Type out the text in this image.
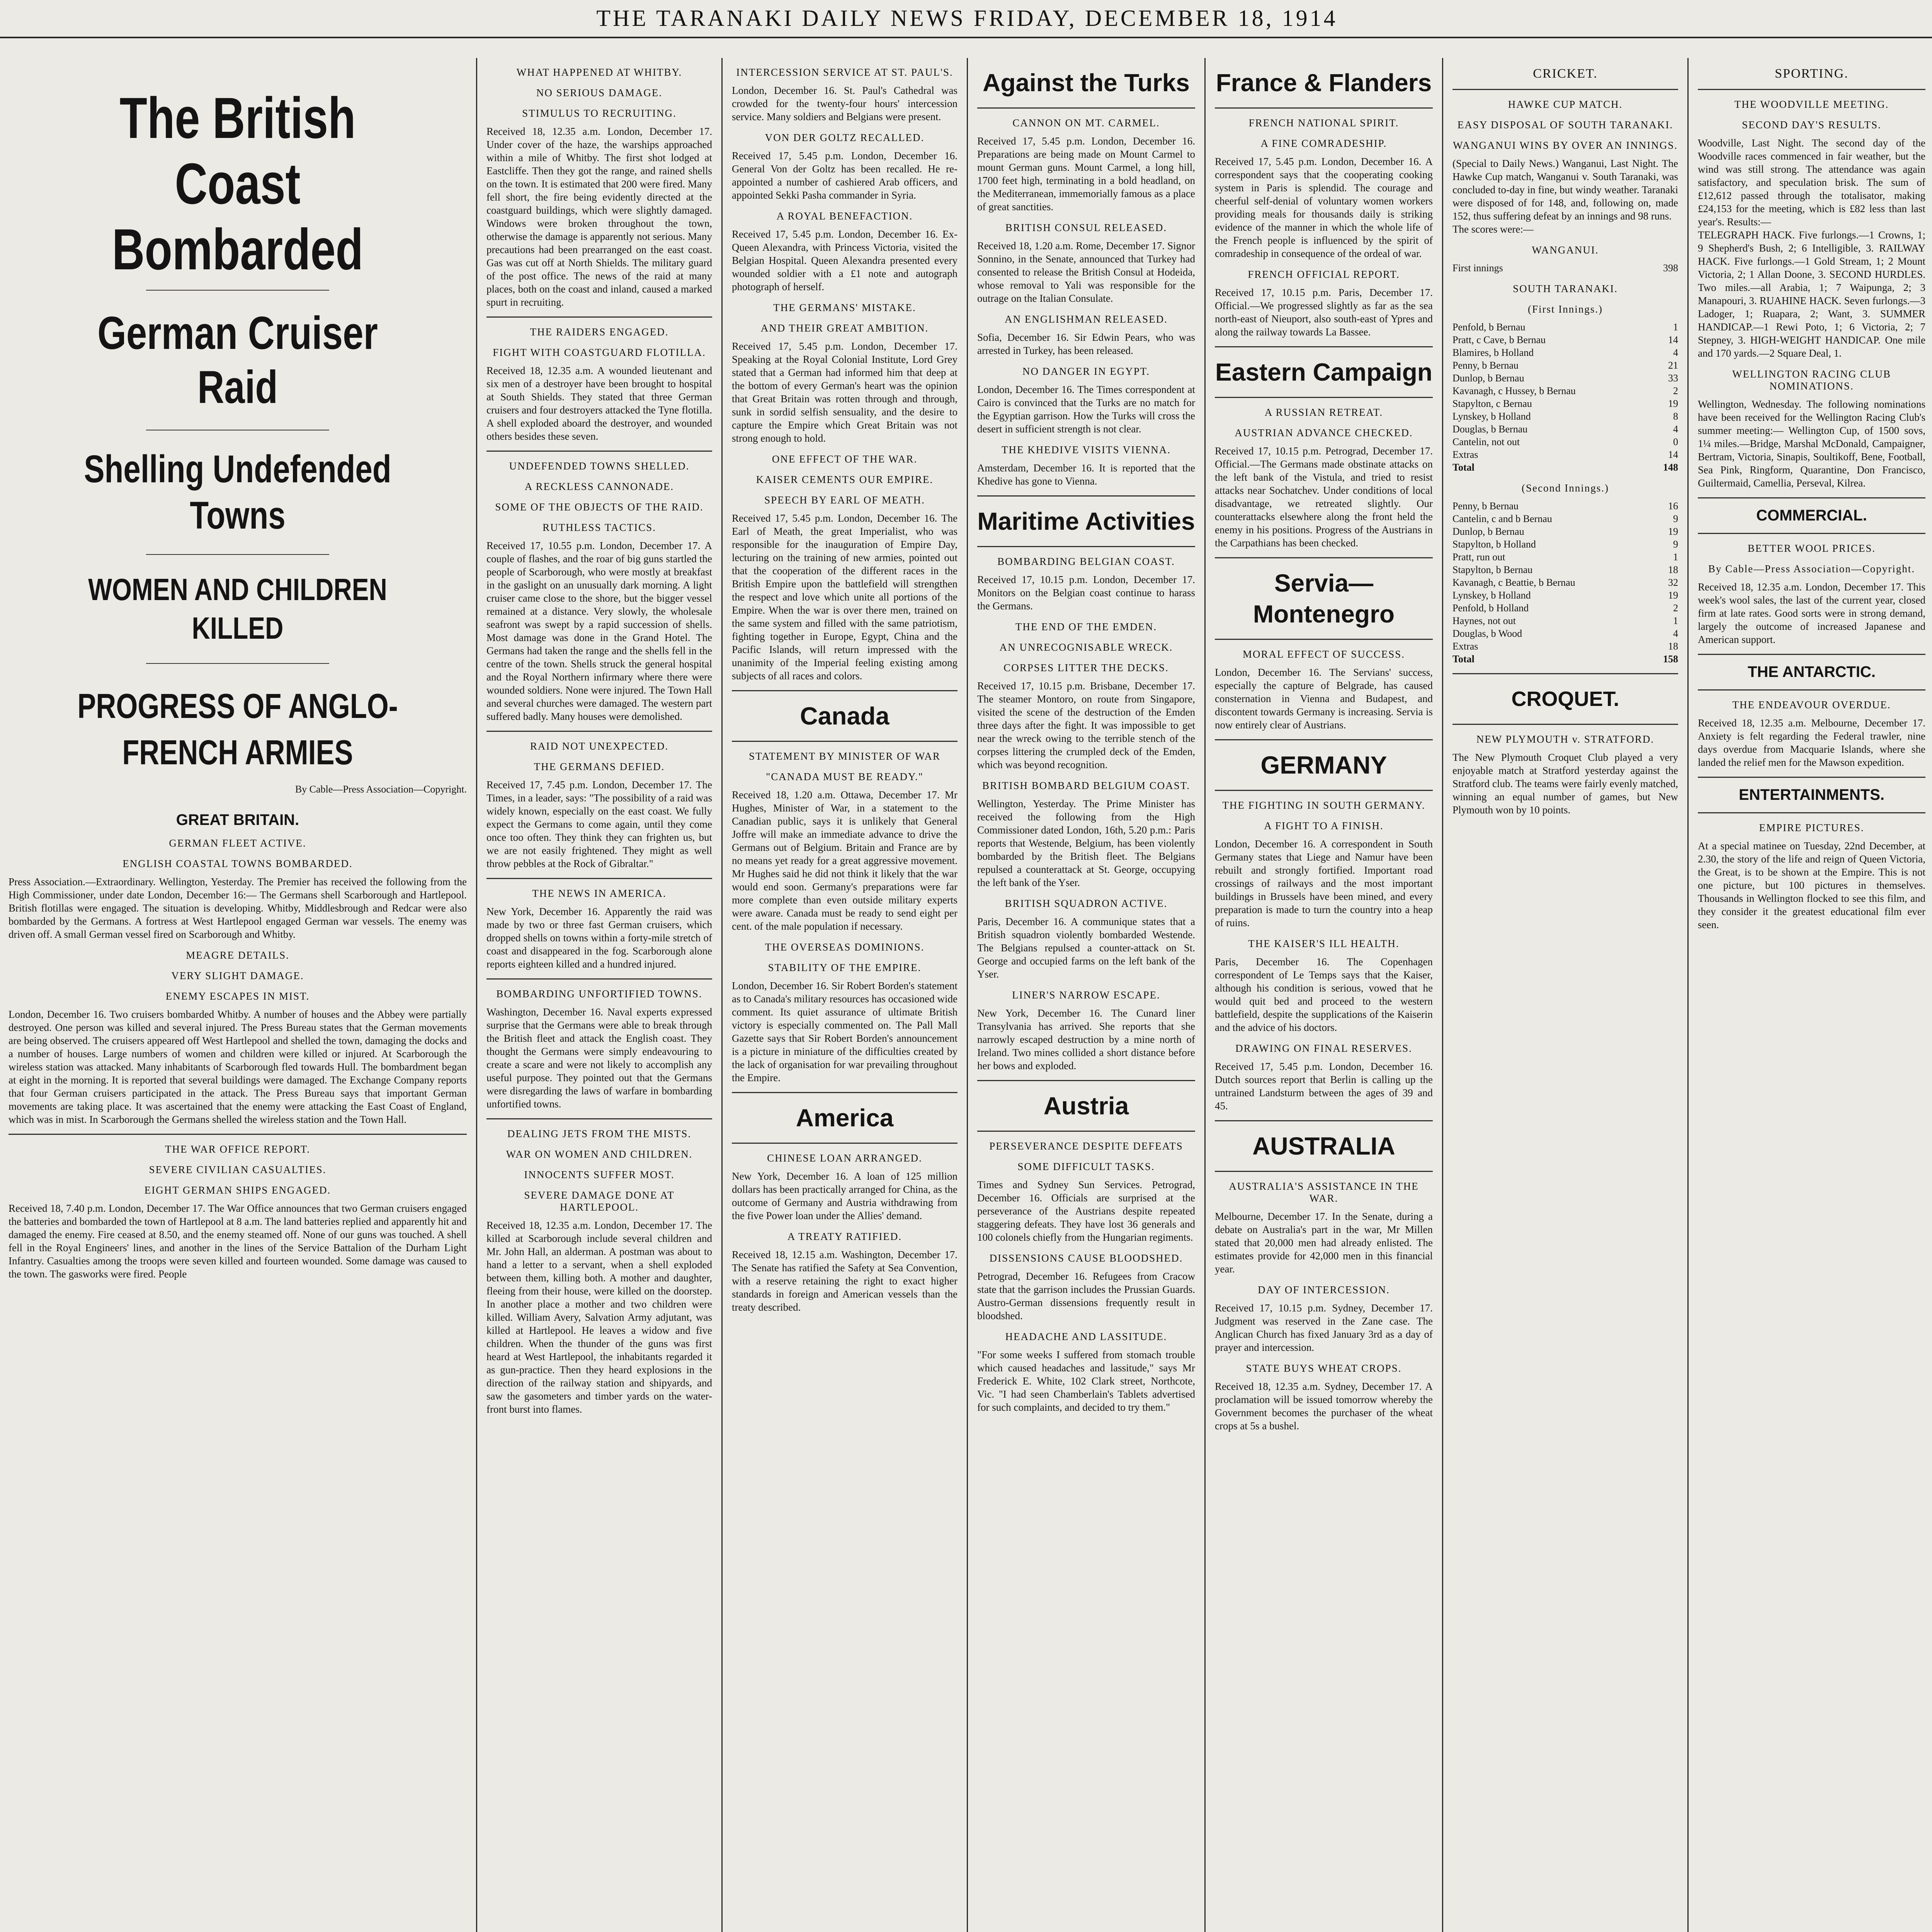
THE TARANAKI DAILY NEWS FRIDAY, DECEMBER 18, 1914
The British Coast Bombarded
German Cruiser Raid
Shelling Undefended Towns
WOMEN AND CHILDREN KILLED
PROGRESS OF ANGLO-FRENCH ARMIES
By Cable—Press Association—Copyright.
GREAT BRITAIN.
GERMAN FLEET ACTIVE.
ENGLISH COASTAL TOWNS BOMBARDED.

Press Association.—Extraordinary. Wellington, Yesterday. The Premier has received the following from the High Commissioner, under date London, December 16:— The Germans shell Scarborough and Hartlepool. British flotillas were engaged. The situation is developing. Whitby, Middlesbrough and Redcar were also bombarded by the Germans. A fortress at West Hartlepool engaged German war vessels. The enemy was driven off. A small German vessel fired on Scarborough and Whitby.

MEAGRE DETAILS.
VERY SLIGHT DAMAGE.
ENEMY ESCAPES IN MIST.

London, December 16. Two cruisers bombarded Whitby. A number of houses and the Abbey were partially destroyed. One person was killed and several injured. The Press Bureau states that the German movements are being observed. The cruisers appeared off West Hartlepool and shelled the town, damaging the docks and a number of houses. Large numbers of women and children were killed or injured. At Scarborough the wireless station was attacked. Many inhabitants of Scarborough fled towards Hull. The bombardment began at eight in the morning. It is reported that several buildings were damaged. The Exchange Company reports that four German cruisers participated in the attack. The Press Bureau says that important German movements are taking place. It was ascertained that the enemy were attacking the East Coast of England, which was in mist. In Scarborough the Germans shelled the wireless station and the Town Hall.

THE WAR OFFICE REPORT.
SEVERE CIVILIAN CASUALTIES.
EIGHT GERMAN SHIPS ENGAGED.

Received 18, 7.40 p.m. London, December 17. The War Office announces that two German cruisers engaged the batteries and bombarded the town of Hartlepool at 8 a.m. The land batteries replied and apparently hit and damaged the enemy. Fire ceased at 8.50, and the enemy steamed off. None of our guns was touched. A shell fell in the Royal Engineers' lines, and another in the lines of the Service Battalion of the Durham Light Infantry. Casualties among the troops were seven killed and fourteen wounded. Some damage was caused to the town. The gasworks were fired. People

WHAT HAPPENED AT WHITBY.
NO SERIOUS DAMAGE.
STIMULUS TO RECRUITING.

Received 18, 12.35 a.m. London, December 17. Under cover of the haze, the warships approached within a mile of Whitby. The first shot lodged at Eastcliffe. Then they got the range, and rained shells on the town. It is estimated that 200 were fired. Many fell short, the fire being evidently directed at the coastguard buildings, which were slightly damaged. Windows were broken throughout the town, otherwise the damage is apparently not serious. Many precautions had been prearranged on the east coast. Gas was cut off at North Shields. The military guard of the post office. The news of the raid at many places, both on the coast and inland, caused a marked spurt in recruiting.

THE RAIDERS ENGAGED.
FIGHT WITH COASTGUARD FLOTILLA.

Received 18, 12.35 a.m. A wounded lieutenant and six men of a destroyer have been brought to hospital at South Shields. They stated that three German cruisers and four destroyers attacked the Tyne flotilla. A shell exploded aboard the destroyer, and wounded others besides these seven.

UNDEFENDED TOWNS SHELLED.
A RECKLESS CANNONADE.
SOME OF THE OBJECTS OF THE RAID.
RUTHLESS TACTICS.

Received 17, 10.55 p.m. London, December 17. A couple of flashes, and the roar of big guns startled the people of Scarborough, who were mostly at breakfast in the gaslight on an unusually dark morning. A light cruiser came close to the shore, but the bigger vessel remained at a distance. Very slowly, the wholesale seafront was swept by a rapid succession of shells. Most damage was done in the Grand Hotel. The Germans had taken the range and the shells fell in the centre of the town. Shells struck the general hospital and the Royal Northern infirmary where there were wounded soldiers. None were injured. The Town Hall and several churches were damaged. The western part suffered badly. Many houses were demolished.

RAID NOT UNEXPECTED.
THE GERMANS DEFIED.

Received 17, 7.45 p.m. London, December 17. The Times, in a leader, says: "The possibility of a raid was widely known, especially on the east coast. We fully expect the Germans to come again, until they come once too often. They think they can frighten us, but we are not easily frightened. They might as well throw pebbles at the Rock of Gibraltar."

THE NEWS IN AMERICA.

New York, December 16. Apparently the raid was made by two or three fast German cruisers, which dropped shells on towns within a forty-mile stretch of coast and disappeared in the fog. Scarborough alone reports eighteen killed and a hundred injured.

BOMBARDING UNFORTIFIED TOWNS.

Washington, December 16. Naval experts expressed surprise that the Germans were able to break through the British fleet and attack the English coast. They thought the Germans were simply endeavouring to create a scare and were not likely to accomplish any useful purpose. They pointed out that the Germans were disregarding the laws of warfare in bombarding unfortified towns.

DEALING JETS FROM THE MISTS.
WAR ON WOMEN AND CHILDREN.
INNOCENTS SUFFER MOST.
SEVERE DAMAGE DONE AT HARTLEPOOL.

Received 18, 12.35 a.m. London, December 17. The killed at Scarborough include several children and Mr. John Hall, an alderman. A postman was about to hand a letter to a servant, when a shell exploded between them, killing both. A mother and daughter, fleeing from their house, were killed on the doorstep. In another place a mother and two children were killed. William Avery, Salvation Army adjutant, was killed at Hartlepool. He leaves a widow and five children. When the thunder of the guns was first heard at West Hartlepool, the inhabitants regarded it as gun-practice. Then they heard explosions in the direction of the railway station and shipyards, and saw the gasometers and timber yards on the water-front burst into flames.

INTERCESSION SERVICE AT ST. PAUL'S.

London, December 16. St. Paul's Cathedral was crowded for the twenty-four hours' intercession service. Many soldiers and Belgians were present.

VON DER GOLTZ RECALLED.

Received 17, 5.45 p.m. London, December 16. General Von der Goltz has been recalled. He re-appointed a number of cashiered Arab officers, and appointed Sekki Pasha commander in Syria.

A ROYAL BENEFACTION.

Received 17, 5.45 p.m. London, December 16. Ex-Queen Alexandra, with Princess Victoria, visited the Belgian Hospital. Queen Alexandra presented every wounded soldier with a £1 note and autograph photograph of herself.

THE GERMANS' MISTAKE.
AND THEIR GREAT AMBITION.

Received 17, 5.45 p.m. London, December 17. Speaking at the Royal Colonial Institute, Lord Grey stated that a German had informed him that deep at the bottom of every German's heart was the opinion that Great Britain was rotten through and through, sunk in sordid selfish sensuality, and the desire to capture the Empire which Great Britain was not strong enough to hold.

ONE EFFECT OF THE WAR.
KAISER CEMENTS OUR EMPIRE.
SPEECH BY EARL OF MEATH.

Received 17, 5.45 p.m. London, December 16. The Earl of Meath, the great Imperialist, who was responsible for the inauguration of Empire Day, lecturing on the training of new armies, pointed out that the cooperation of the different races in the British Empire upon the battlefield will strengthen the respect and love which unite all portions of the Empire. When the war is over there men, trained on the same system and filled with the same patriotism, fighting together in Europe, Egypt, China and the Pacific Islands, will return impressed with the unanimity of the Imperial feeling existing among subjects of all races and colors.

Canada
STATEMENT BY MINISTER OF WAR
"CANADA MUST BE READY."

Received 18, 1.20 a.m. Ottawa, December 17. Mr Hughes, Minister of War, in a statement to the Canadian public, says it is unlikely that General Joffre will make an immediate advance to drive the Germans out of Belgium. Britain and France are by no means yet ready for a great aggressive movement. Mr Hughes said he did not think it likely that the war would end soon. Germany's preparations were far more complete than even outside military experts were aware. Canada must be ready to send eight per cent. of the male population if necessary.

THE OVERSEAS DOMINIONS.
STABILITY OF THE EMPIRE.

London, December 16. Sir Robert Borden's statement as to Canada's military resources has occasioned wide comment. Its quiet assurance of ultimate British victory is especially commented on. The Pall Mall Gazette says that Sir Robert Borden's announcement is a picture in miniature of the difficulties created by the lack of organisation for war prevailing throughout the Empire.

America
CHINESE LOAN ARRANGED.

New York, December 16. A loan of 125 million dollars has been practically arranged for China, as the outcome of Germany and Austria withdrawing from the five Power loan under the Allies' demand.

A TREATY RATIFIED.

Received 18, 12.15 a.m. Washington, December 17. The Senate has ratified the Safety at Sea Convention, with a reserve retaining the right to exact higher standards in foreign and American vessels than the treaty described.

Against the Turks
CANNON ON MT. CARMEL.

Received 17, 5.45 p.m. London, December 16. Preparations are being made on Mount Carmel to mount German guns. Mount Carmel, a long hill, 1700 feet high, terminating in a bold headland, on the Mediterranean, immemorially famous as a place of great sanctities.

BRITISH CONSUL RELEASED.

Received 18, 1.20 a.m. Rome, December 17. Signor Sonnino, in the Senate, announced that Turkey had consented to release the British Consul at Hodeida, whose removal to Yali was responsible for the outrage on the Italian Consulate.

AN ENGLISHMAN RELEASED.

Sofia, December 16. Sir Edwin Pears, who was arrested in Turkey, has been released.

NO DANGER IN EGYPT.

London, December 16. The Times correspondent at Cairo is convinced that the Turks are no match for the Egyptian garrison. How the Turks will cross the desert in sufficient strength is not clear.

THE KHEDIVE VISITS VIENNA.

Amsterdam, December 16. It is reported that the Khedive has gone to Vienna.

Maritime Activities
BOMBARDING BELGIAN COAST.

Received 17, 10.15 p.m. London, December 17. Monitors on the Belgian coast continue to harass the Germans.

THE END OF THE EMDEN.
AN UNRECOGNISABLE WRECK.
CORPSES LITTER THE DECKS.

Received 17, 10.15 p.m. Brisbane, December 17. The steamer Montoro, on route from Singapore, visited the scene of the destruction of the Emden three days after the fight. It was impossible to get near the wreck owing to the terrible stench of the corpses littering the crumpled deck of the Emden, which was beyond recognition.

BRITISH BOMBARD BELGIUM COAST.

Wellington, Yesterday. The Prime Minister has received the following from the High Commissioner dated London, 16th, 5.20 p.m.: Paris reports that Westende, Belgium, has been violently bombarded by the British fleet. The Belgians repulsed a counterattack at St. George, occupying the left bank of the Yser.

BRITISH SQUADRON ACTIVE.

Paris, December 16. A communique states that a British squadron violently bombarded Westende. The Belgians repulsed a counter-attack on St. George and occupied farms on the left bank of the Yser.

LINER'S NARROW ESCAPE.

New York, December 16. The Cunard liner Transylvania has arrived. She reports that she narrowly escaped destruction by a mine north of Ireland. Two mines collided a short distance before her bows and exploded.

Austria
PERSEVERANCE DESPITE DEFEATS
SOME DIFFICULT TASKS.

Times and Sydney Sun Services. Petrograd, December 16. Officials are surprised at the perseverance of the Austrians despite repeated staggering defeats. They have lost 36 generals and 100 colonels chiefly from the Hungarian regiments.

DISSENSIONS CAUSE BLOODSHED.

Petrograd, December 16. Refugees from Cracow state that the garrison includes the Prussian Guards. Austro-German dissensions frequently result in bloodshed.

HEADACHE AND LASSITUDE.

"For some weeks I suffered from stomach trouble which caused headaches and lassitude," says Mr Frederick E. White, 102 Clark street, Northcote, Vic. "I had seen Chamberlain's Tablets advertised for such complaints, and decided to try them."

France & Flanders
FRENCH NATIONAL SPIRIT.
A FINE COMRADESHIP.

Received 17, 5.45 p.m. London, December 16. A correspondent says that the cooperating cooking system in Paris is splendid. The courage and cheerful self-denial of voluntary women workers providing meals for thousands daily is striking evidence of the manner in which the whole life of the French people is influenced by the spirit of comradeship in consequence of the ordeal of war.

FRENCH OFFICIAL REPORT.

Received 17, 10.15 p.m. Paris, December 17. Official.—We progressed slightly as far as the sea north-east of Nieuport, also south-east of Ypres and along the railway towards La Bassee.

Eastern Campaign
A RUSSIAN RETREAT.
AUSTRIAN ADVANCE CHECKED.

Received 17, 10.15 p.m. Petrograd, December 17. Official.—The Germans made obstinate attacks on the left bank of the Vistula, and tried to resist attacks near Sochatchev. Under conditions of local disadvantage, we retreated slightly. Our counterattacks elsewhere along the front held the enemy in his positions. Progress of the Austrians in the Carpathians has been checked.

Servia—Montenegro
MORAL EFFECT OF SUCCESS.

London, December 16. The Servians' success, especially the capture of Belgrade, has caused consternation in Vienna and Budapest, and discontent towards Germany is increasing. Servia is now entirely clear of Austrians.

GERMANY
THE FIGHTING IN SOUTH GERMANY.
A FIGHT TO A FINISH.

London, December 16. A correspondent in South Germany states that Liege and Namur have been rebuilt and strongly fortified. Important road crossings of railways and the most important buildings in Brussels have been mined, and every preparation is made to turn the country into a heap of ruins.

THE KAISER'S ILL HEALTH.

Paris, December 16. The Copenhagen correspondent of Le Temps says that the Kaiser, although his condition is serious, vowed that he would quit bed and proceed to the western battlefield, despite the supplications of the Kaiserin and the advice of his doctors.

DRAWING ON FINAL RESERVES.

Received 17, 5.45 p.m. London, December 16. Dutch sources report that Berlin is calling up the untrained Landsturm between the ages of 39 and 45.

AUSTRALIA
AUSTRALIA'S ASSISTANCE IN THE WAR.

Melbourne, December 17. In the Senate, during a debate on Australia's part in the war, Mr Millen stated that 20,000 men had already enlisted. The estimates provide for 42,000 men in this financial year.

DAY OF INTERCESSION.

Received 17, 10.15 p.m. Sydney, December 17. Judgment was reserved in the Zane case. The Anglican Church has fixed January 3rd as a day of prayer and intercession.

STATE BUYS WHEAT CROPS.

Received 18, 12.35 a.m. Sydney, December 17. A proclamation will be issued tomorrow whereby the Government becomes the purchaser of the wheat crops at 5s a bushel.

CRICKET.
HAWKE CUP MATCH.
EASY DISPOSAL OF SOUTH TARANAKI.
WANGANUI WINS BY OVER AN INNINGS.

(Special to Daily News.) Wanganui, Last Night. The Hawke Cup match, Wanganui v. South Taranaki, was concluded to-day in fine, but windy weather. Taranaki were disposed of for 148, and, following on, made 152, thus suffering defeat by an innings and 98 runs.

The scores were:—

WANGANUI.
First innings	398
SOUTH TARANAKI.
(First Innings.)
Penfold, b Bernau	1
Pratt, c Cave, b Bernau	14
Blamires, b Holland	4
Penny, b Bernau	21
Dunlop, b Bernau	33
Kavanagh, c Hussey, b Bernau	2
Stapylton, c Bernau	19
Lynskey, b Holland	8
Douglas, b Bernau	4
Cantelin, not out	0
Extras	14
Total	148
(Second Innings.)
Penny, b Bernau	16
Cantelin, c and b Bernau	9
Dunlop, b Bernau	19
Stapylton, b Holland	9
Pratt, run out	1
Stapylton, b Bernau	18
Kavanagh, c Beattie, b Bernau	32
Lynskey, b Holland	19
Penfold, b Holland	2
Haynes, not out	1
Douglas, b Wood	4
Extras	18
Total	158
CROQUET.
NEW PLYMOUTH v. STRATFORD.

The New Plymouth Croquet Club played a very enjoyable match at Stratford yesterday against the Stratford club. The teams were fairly evenly matched, winning an equal number of games, but New Plymouth won by 10 points.

SPORTING.
THE WOODVILLE MEETING.
SECOND DAY'S RESULTS.

Woodville, Last Night. The second day of the Woodville races commenced in fair weather, but the wind was still strong. The attendance was again satisfactory, and speculation brisk. The sum of £12,612 passed through the totalisator, making £24,153 for the meeting, which is £82 less than last year's. Results:—

TELEGRAPH HACK. Five furlongs.—1 Crowns, 1; 9 Shepherd's Bush, 2; 6 Intelligible, 3. RAILWAY HACK. Five furlongs.—1 Gold Stream, 1; 2 Mount Victoria, 2; 1 Allan Doone, 3. SECOND HURDLES. Two miles.—all Arabia, 1; 7 Waipunga, 2; 3 Manapouri, 3. RUAHINE HACK. Seven furlongs.—3 Ladoger, 1; Ruapara, 2; Want, 3. SUMMER HANDICAP.—1 Rewi Poto, 1; 6 Victoria, 2; 7 Stepney, 3. HIGH-WEIGHT HANDICAP. One mile and 170 yards.—2 Square Deal, 1.

WELLINGTON RACING CLUB NOMINATIONS.

Wellington, Wednesday. The following nominations have been received for the Wellington Racing Club's summer meeting:— Wellington Cup, of 1500 sovs, 1¼ miles.—Bridge, Marshal McDonald, Campaigner, Bertram, Victoria, Sinapis, Soultikoff, Bene, Football, Sea Pink, Ringform, Quarantine, Don Francisco, Guiltermaid, Camellia, Perseval, Kilrea.

COMMERCIAL.
BETTER WOOL PRICES.
By Cable—Press Association—Copyright.

Received 18, 12.35 a.m. London, December 17. This week's wool sales, the last of the current year, closed firm at late rates. Good sorts were in strong demand, largely the outcome of increased Japanese and American support.

THE ANTARCTIC.
THE ENDEAVOUR OVERDUE.

Received 18, 12.35 a.m. Melbourne, December 17. Anxiety is felt regarding the Federal trawler, nine days overdue from Macquarie Islands, where she landed the relief men for the Mawson expedition.

ENTERTAINMENTS.
EMPIRE PICTURES.

At a special matinee on Tuesday, 22nd December, at 2.30, the story of the life and reign of Queen Victoria, the Great, is to be shown at the Empire. This is not one picture, but 100 pictures in themselves. Thousands in Wellington flocked to see this film, and they consider it the greatest educational film ever seen.
